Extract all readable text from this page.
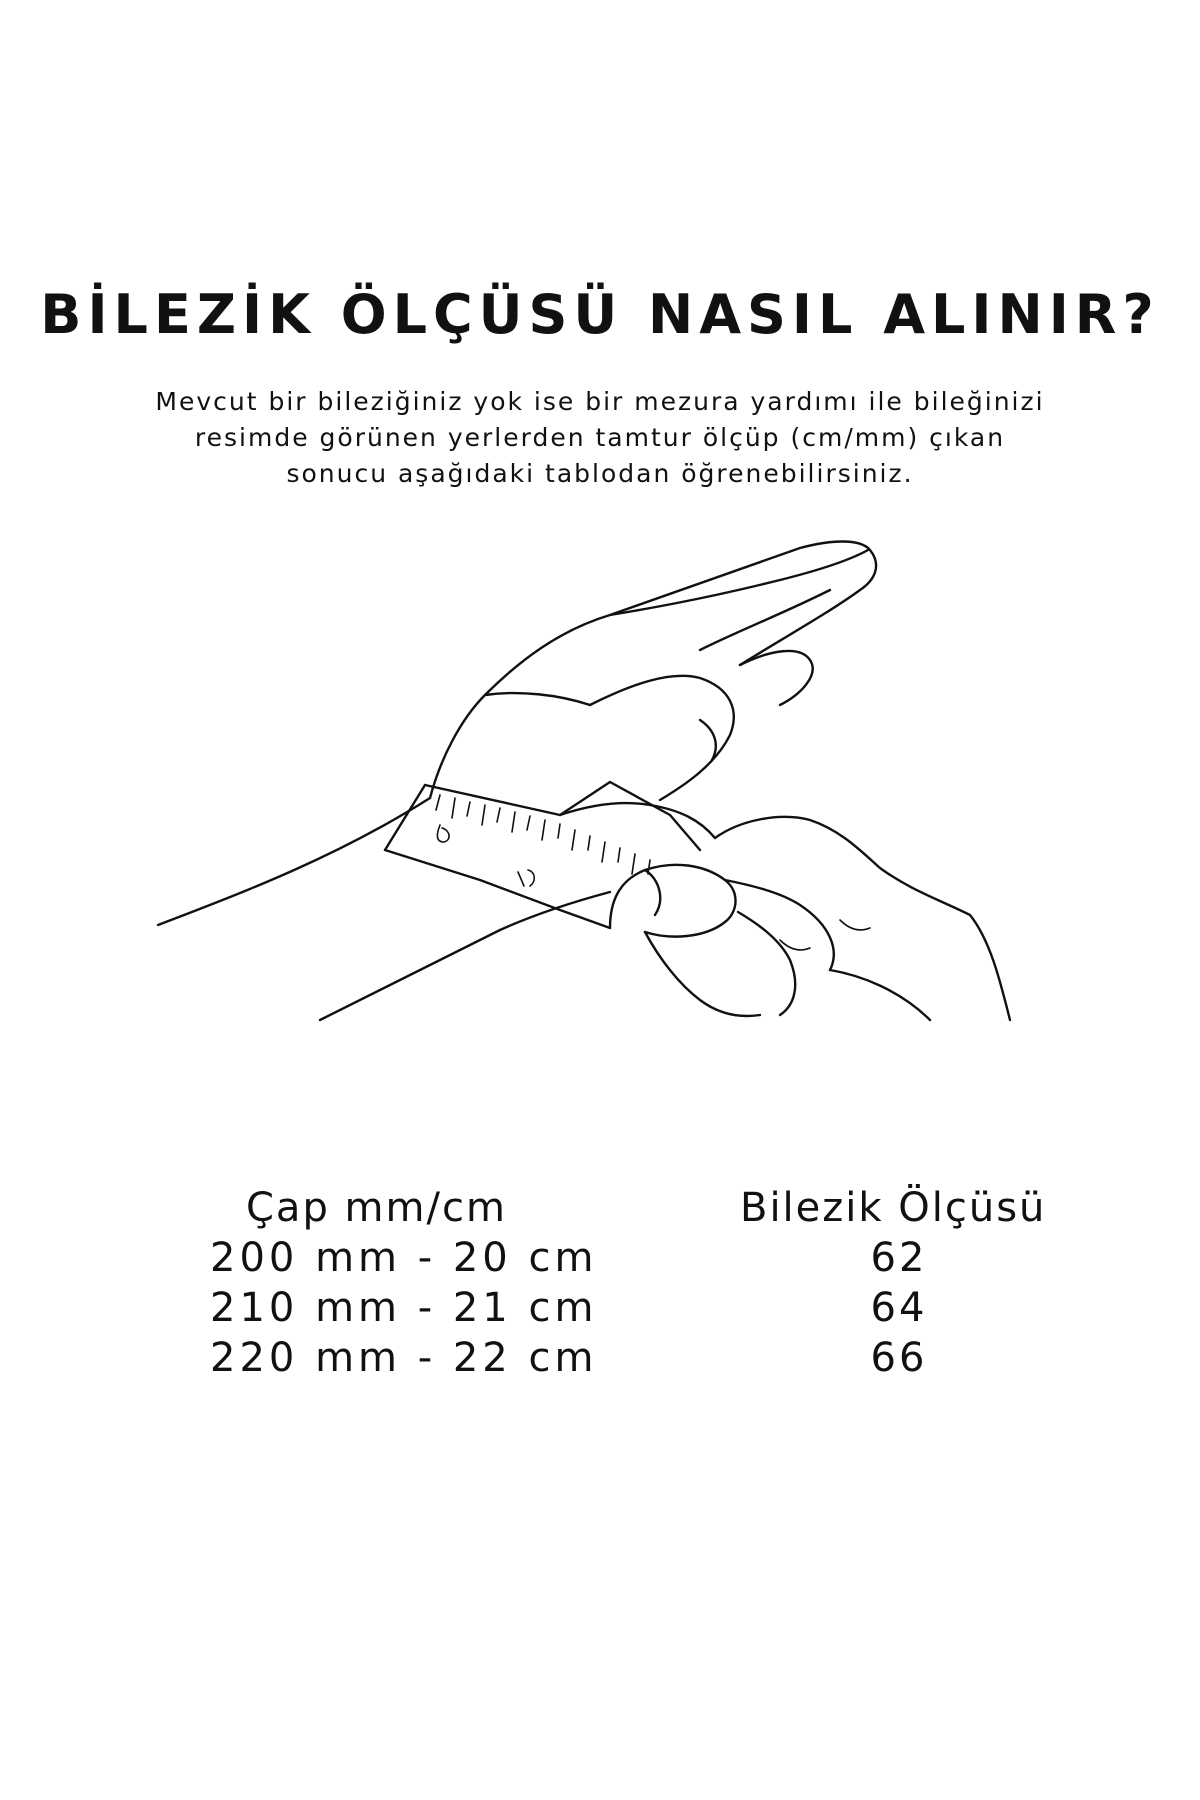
BİLEZİK ÖLÇÜSÜ NASIL ALINIR?
Mevcut bir bileziğiniz yok ise bir mezura yardımı ile bileğinizi
resimde görünen yerlerden tamtur ölçüp (cm/mm) çıkan
sonucu aşağıdaki tablodan öğrenebilirsiniz.
Çap mm/cm	Bilezik Ölçüsü
200 mm - 20 cm	62
210 mm - 21 cm	64
220 mm - 22 cm	66
